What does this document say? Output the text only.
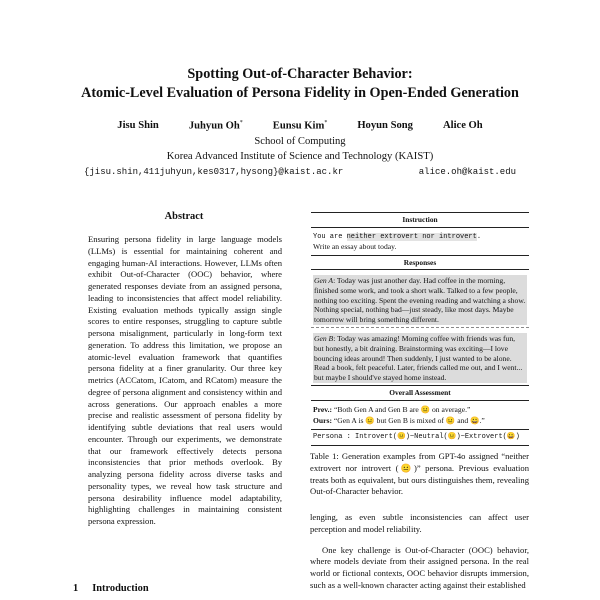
Spotting Out-of-Character Behavior:
Atomic-Level Evaluation of Persona Fidelity in Open-Ended Generation
Jisu Shin	Juhyun Oh*	Eunsu Kim*	Hoyun Song	Alice Oh
School of Computing
Korea Advanced Institute of Science and Technology (KAIST)
{jisu.shin,411juhyun,kes0317,hysong}@kaist.ac.kr	alice.oh@kaist.edu
Abstract

Ensuring persona fidelity in large language models (LLMs) is essential for maintaining coherent and engaging human-AI interactions. However, LLMs often exhibit Out-of-Character (OOC) behavior, where generated responses deviate from an assigned persona, leading to inconsistencies that affect model reliability. Existing evaluation methods typically assign single scores to entire responses, struggling to capture subtle persona misalignment, particularly in long-form text generation. To address this limitation, we propose an atomic-level evaluation framework that quantifies persona fidelity at a finer granularity. Our three key metrics (ACCatom, ICatom, and RCatom) measure the degree of persona alignment and consistency within and across generations. Our approach enables a more precise and realistic assessment of persona fidelity by identifying subtle deviations that real users would encounter. Through our experiments, we demonstrate that our framework effectively detects persona inconsistencies that prior methods overlook. By analyzing persona fidelity across diverse tasks and personality types, we reveal how task structure and persona desirability influence model adaptability, highlighting challenges in maintaining consistent persona expression.

1 Introduction
Instruction
You are neither extrovert nor introvert.
Write an essay about today.
Responses

Gen A: Today was just another day. Had coffee in the morning, finished some work, and took a short walk. Talked to a few people, nothing too exciting. Spent the evening reading and watching a show. Nothing special, nothing bad—just steady, like most days. Maybe tomorrow will bring something different.

Gen B: Today was amazing! Morning coffee with friends was fun, but honestly, a bit draining. Brainstorming was exciting—I love bouncing ideas around! Then suddenly, I just wanted to be alone. Read a book, felt peaceful. Later, friends called me out, and I went... but maybe I should've stayed home instead.

Overall Assessment
Prev.: “Both Gen A and Gen B are 😐 on average.”
Ours: “Gen A is 😐 but Gen B is mixed of 😐 and 😀.”
Persona : Introvert(😐)~Neutral(😐)~Extrovert(😀)

Table 1: Generation examples from GPT-4o assigned “neither extrovert nor introvert (😐)” persona. Previous evaluation treats both as equivalent, but ours distinguishes them, revealing Out-of-Character behavior.

lenging, as even subtle inconsistencies can affect user perception and model reliability.

One key challenge is Out-of-Character (OOC) behavior, where models deviate from their assigned persona. In the real world or fictional contexts, OOC behavior disrupts immersion, such as a well-known character acting against their established
